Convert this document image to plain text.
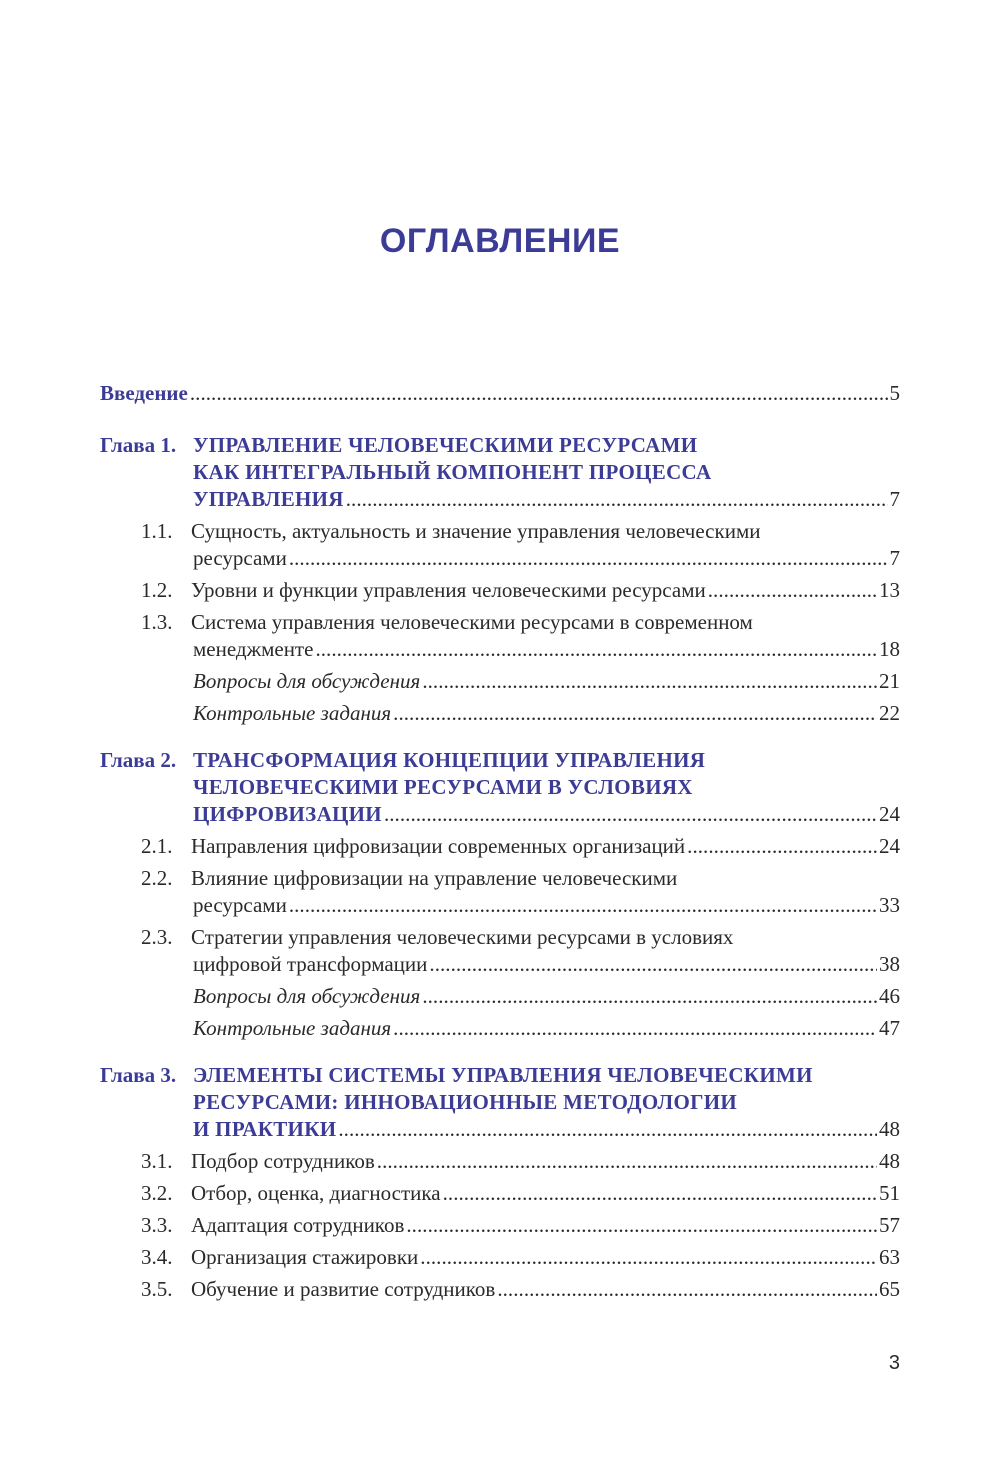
ОГЛАВЛЕНИЕ
Введение . . .	5
Глава 1. УПРАВЛЕНИЕ ЧЕЛОВЕЧЕСКИМИ РЕСУРСАМИ
КАК ИНТЕГРАЛЬНЫЙ КОМПОНЕНТ ПРОЦЕССА
УПРАВЛЕНИЯ . . .	7
1.1. Сущность, актуальность и значение управления человеческими
ресурсами . . .	7
1.2. Уровни и функции управления человеческими ресурсами . . .	13
1.3. Система управления человеческими ресурсами в современном
менеджменте . . .	18
Вопросы для обсуждения . . .	21
Контрольные задания . . .	22
Глава 2. ТРАНСФОРМАЦИЯ КОНЦЕПЦИИ УПРАВЛЕНИЯ
ЧЕЛОВЕЧЕСКИМИ РЕСУРСАМИ В УСЛОВИЯХ
ЦИФРОВИЗАЦИИ . . .	24
2.1. Направления цифровизации современных организаций . . .	24
2.2. Влияние цифровизации на управление человеческими
ресурсами . . .	33
2.3. Стратегии управления человеческими ресурсами в условиях
цифровой трансформации . . .	38
Вопросы для обсуждения . . .	46
Контрольные задания . . .	47
Глава 3. ЭЛЕМЕНТЫ СИСТЕМЫ УПРАВЛЕНИЯ ЧЕЛОВЕЧЕСКИМИ
РЕСУРСАМИ: ИННОВАЦИОННЫЕ МЕТОДОЛОГИИ
И ПРАКТИКИ . . .	48
3.1. Подбор сотрудников . . .	48
3.2. Отбор, оценка, диагностика . . .	51
3.3. Адаптация сотрудников . . .	57
3.4. Организация стажировки . . .	63
3.5. Обучение и развитие сотрудников . . .	65
3
